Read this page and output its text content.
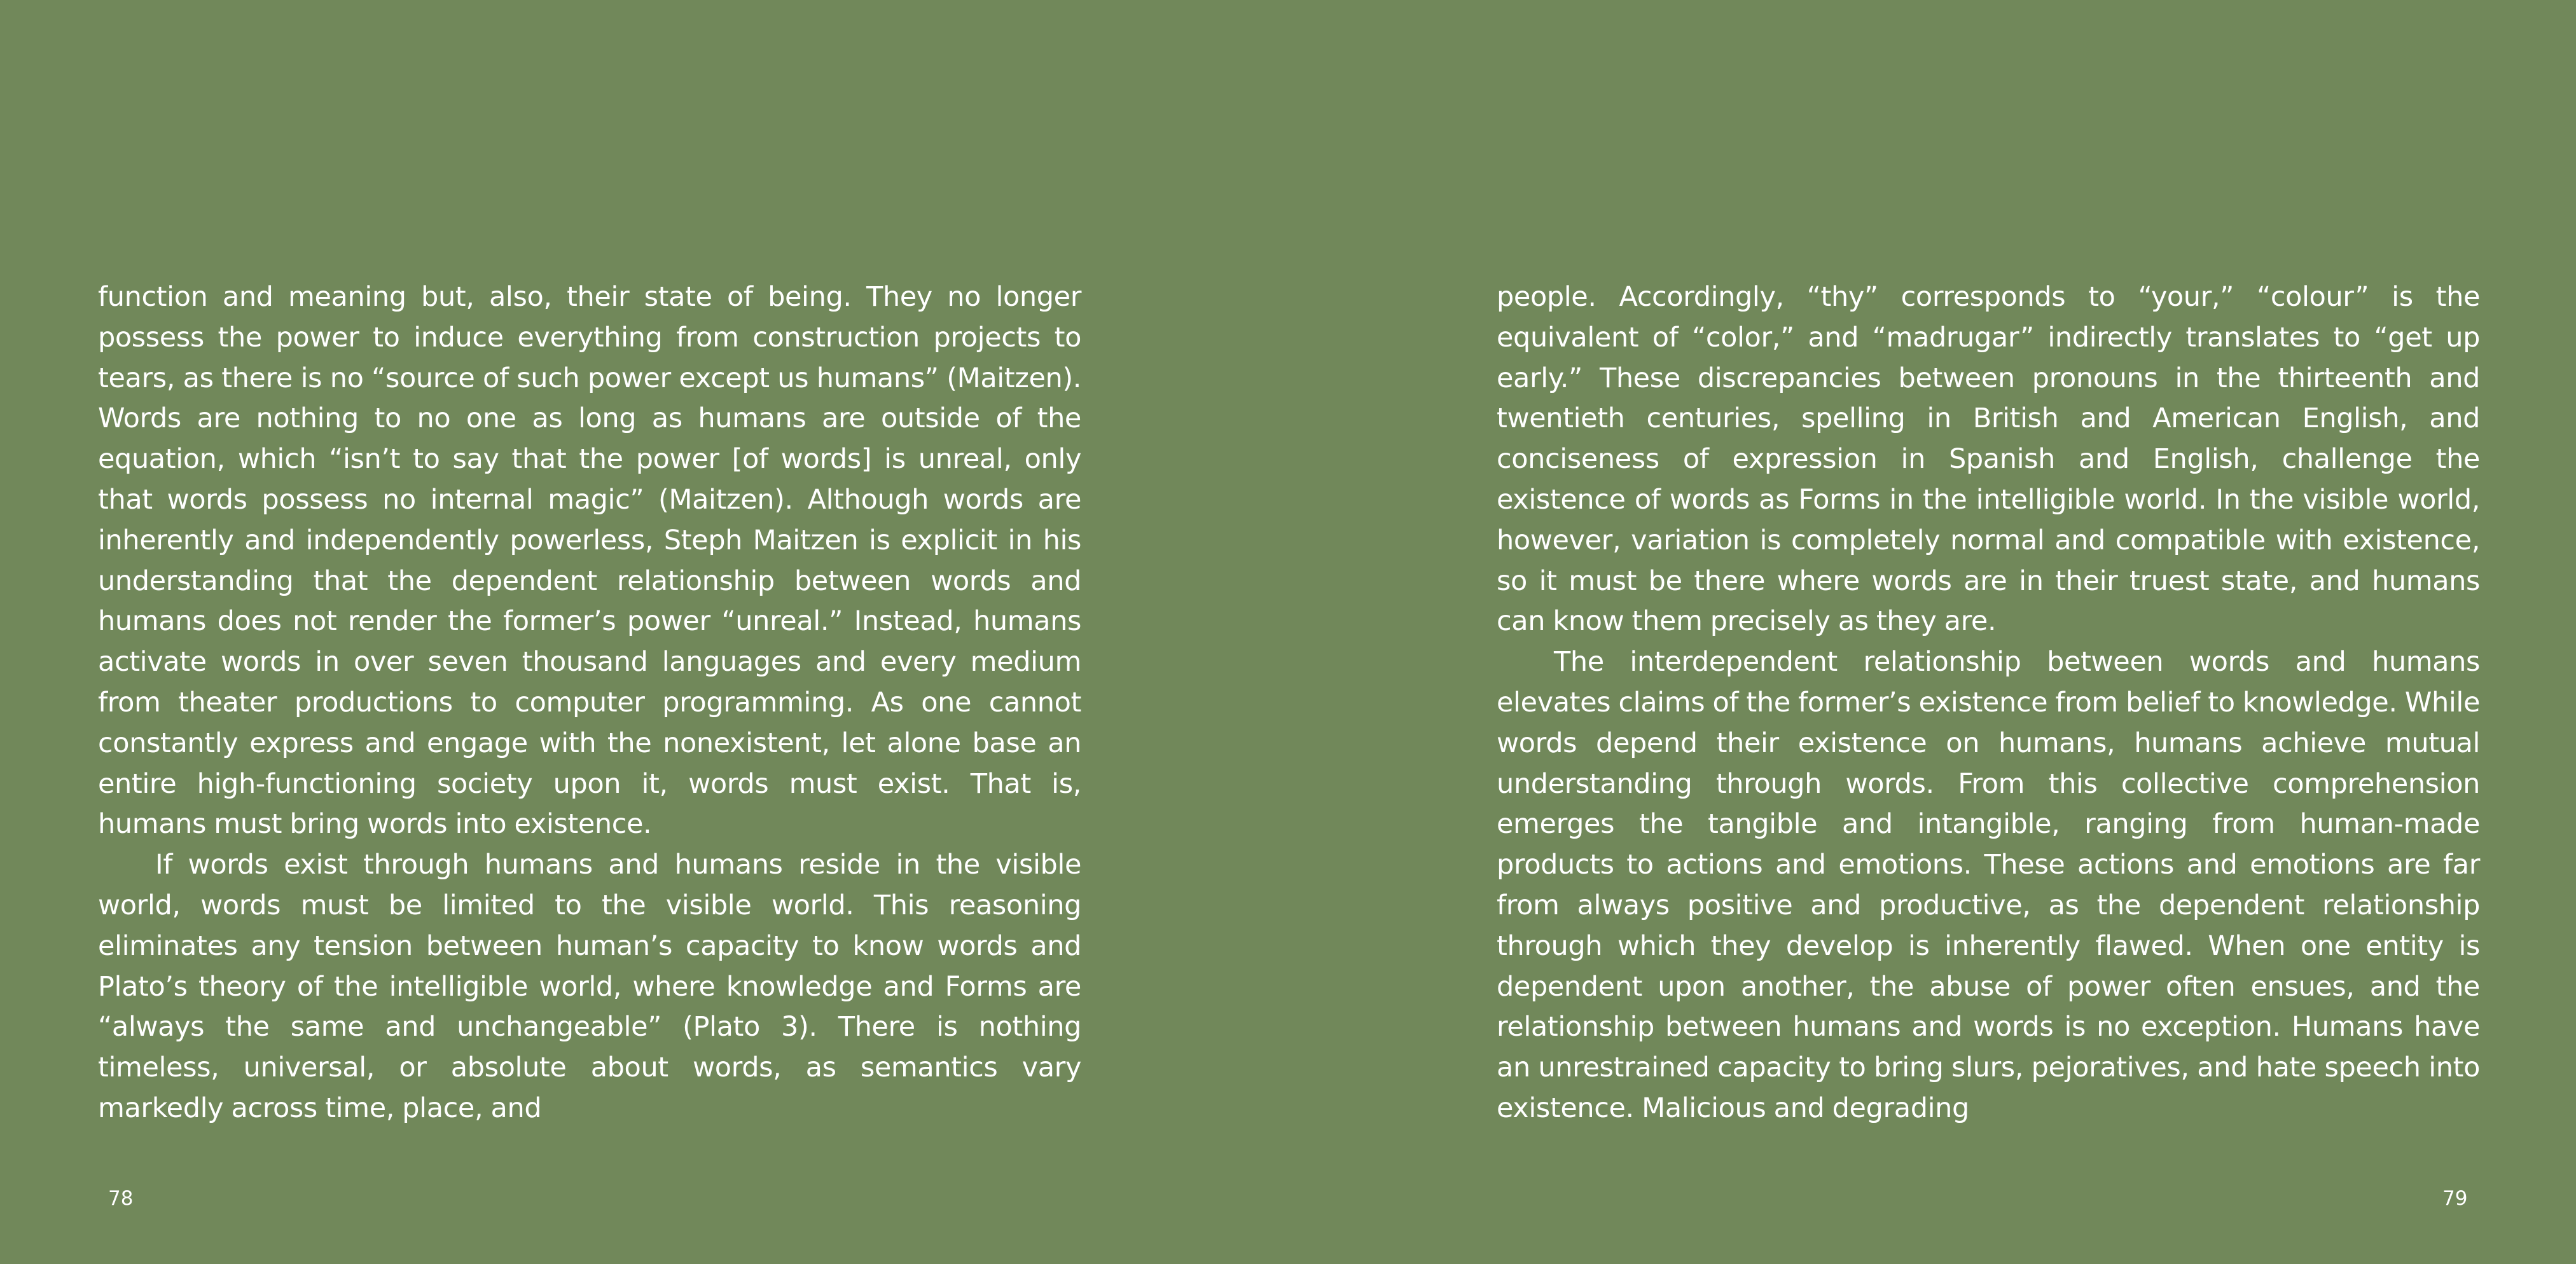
function and meaning but, also, their state of being. They no longer possess the power to induce everything from construction projects to tears, as there is no “source of such power except us humans” (Maitzen). Words are nothing to no one as long as humans are outside of the equation, which “isn’t to say that the power [of words] is unreal, only that words possess no internal magic” (Maitzen). Although words are inherently and independently powerless, Steph Maitzen is explicit in his understanding that the dependent relationship between words and humans does not render the former’s power “unreal.” Instead, humans activate words in over seven thousand languages and every medium from theater productions to computer programming. As one cannot constantly express and engage with the nonexistent, let alone base an entire high-functioning society upon it, words must exist. That is, humans must bring words into existence.

If words exist through humans and humans reside in the visible world, words must be limited to the visible world. This reasoning eliminates any tension between human’s capacity to know words and Plato’s theory of the intelligible world, where knowledge and Forms are “always the same and unchangeable” (Plato 3). There is nothing timeless, universal, or absolute about words, as semantics vary markedly across time, place, and

78

people. Accordingly, “thy” corresponds to “your,” “colour” is the equivalent of “color,” and “madrugar” indirectly translates to “get up early.” These discrepancies between pronouns in the thirteenth and twentieth centuries, spelling in British and American English, and conciseness of expression in Spanish and English, challenge the existence of words as Forms in the intelligible world. In the visible world, however, variation is completely normal and compatible with existence, so it must be there where words are in their truest state, and humans can know them precisely as they are.

The interdependent relationship between words and humans elevates claims of the former’s existence from belief to knowledge. While words depend their existence on humans, humans achieve mutual understanding through words. From this collective comprehension emerges the tangible and intangible, ranging from human-made products to actions and emotions. These actions and emotions are far from always positive and productive, as the dependent relationship through which they develop is inherently flawed. When one entity is dependent upon another, the abuse of power often ensues, and the relationship between humans and words is no exception. Humans have an unrestrained capacity to bring slurs, pejoratives, and hate speech into existence. Malicious and degrading

79
